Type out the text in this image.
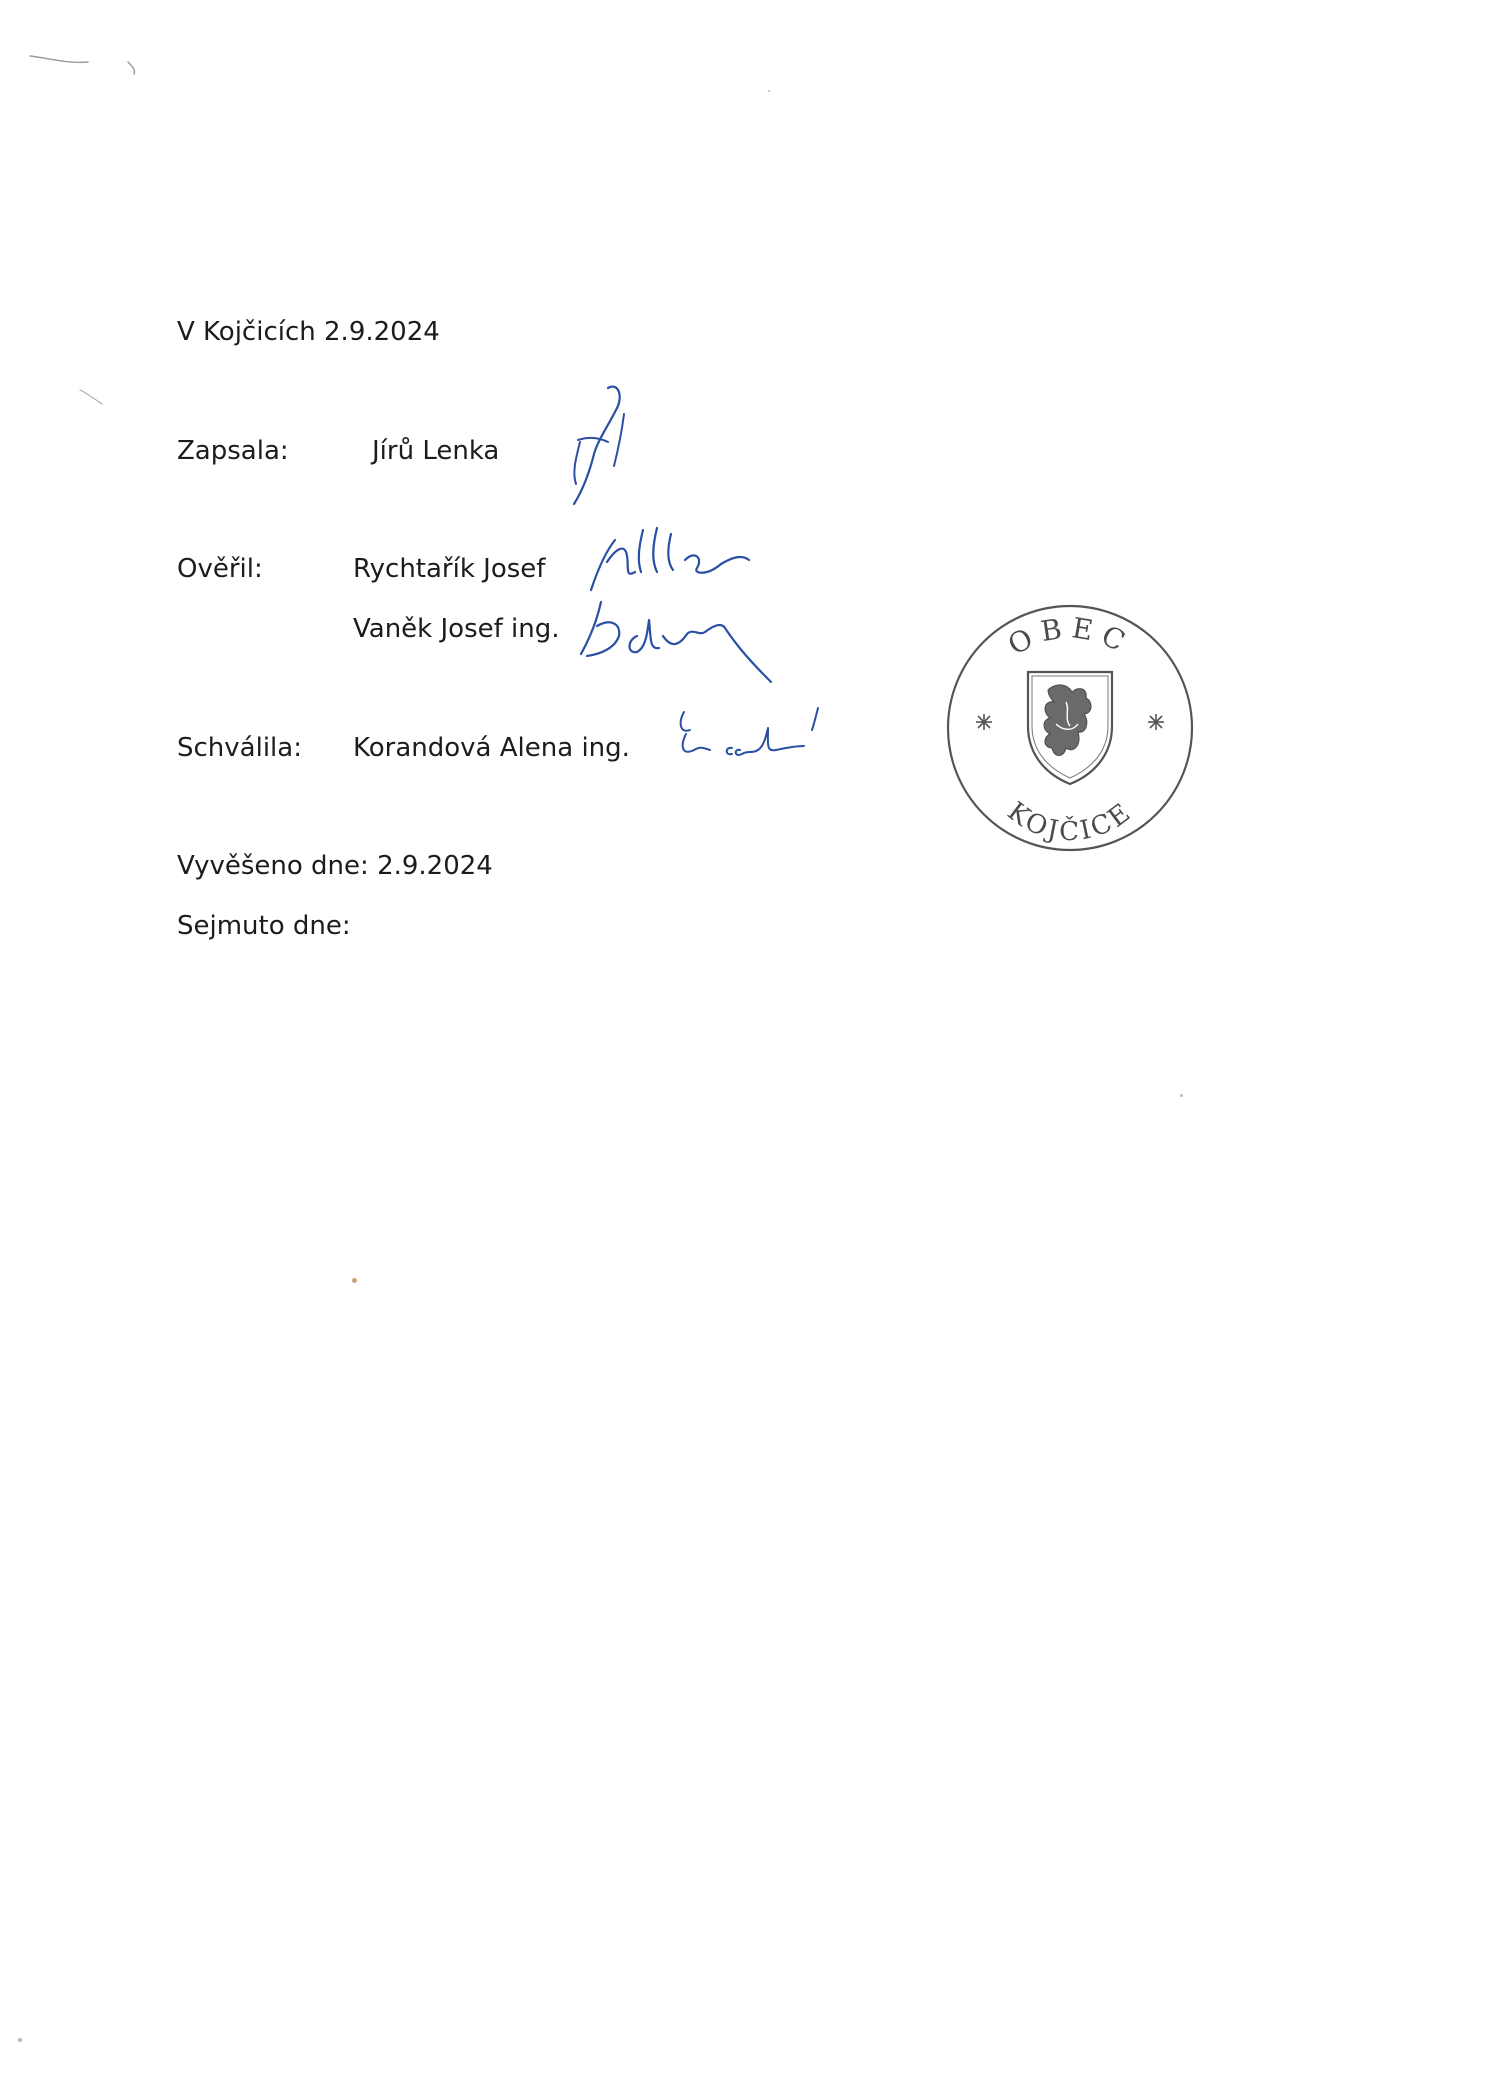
V Kojčicích 2.9.2024
Zapsala:	Jírů Lenka
Ověřil:	Rychtařík Josef
Vaněk Josef ing.
Schválila: Korandová Alena ing.
Vyvěšeno dne: 2.9.2024
Sejmuto dne:
OBEC
KOJČICE
